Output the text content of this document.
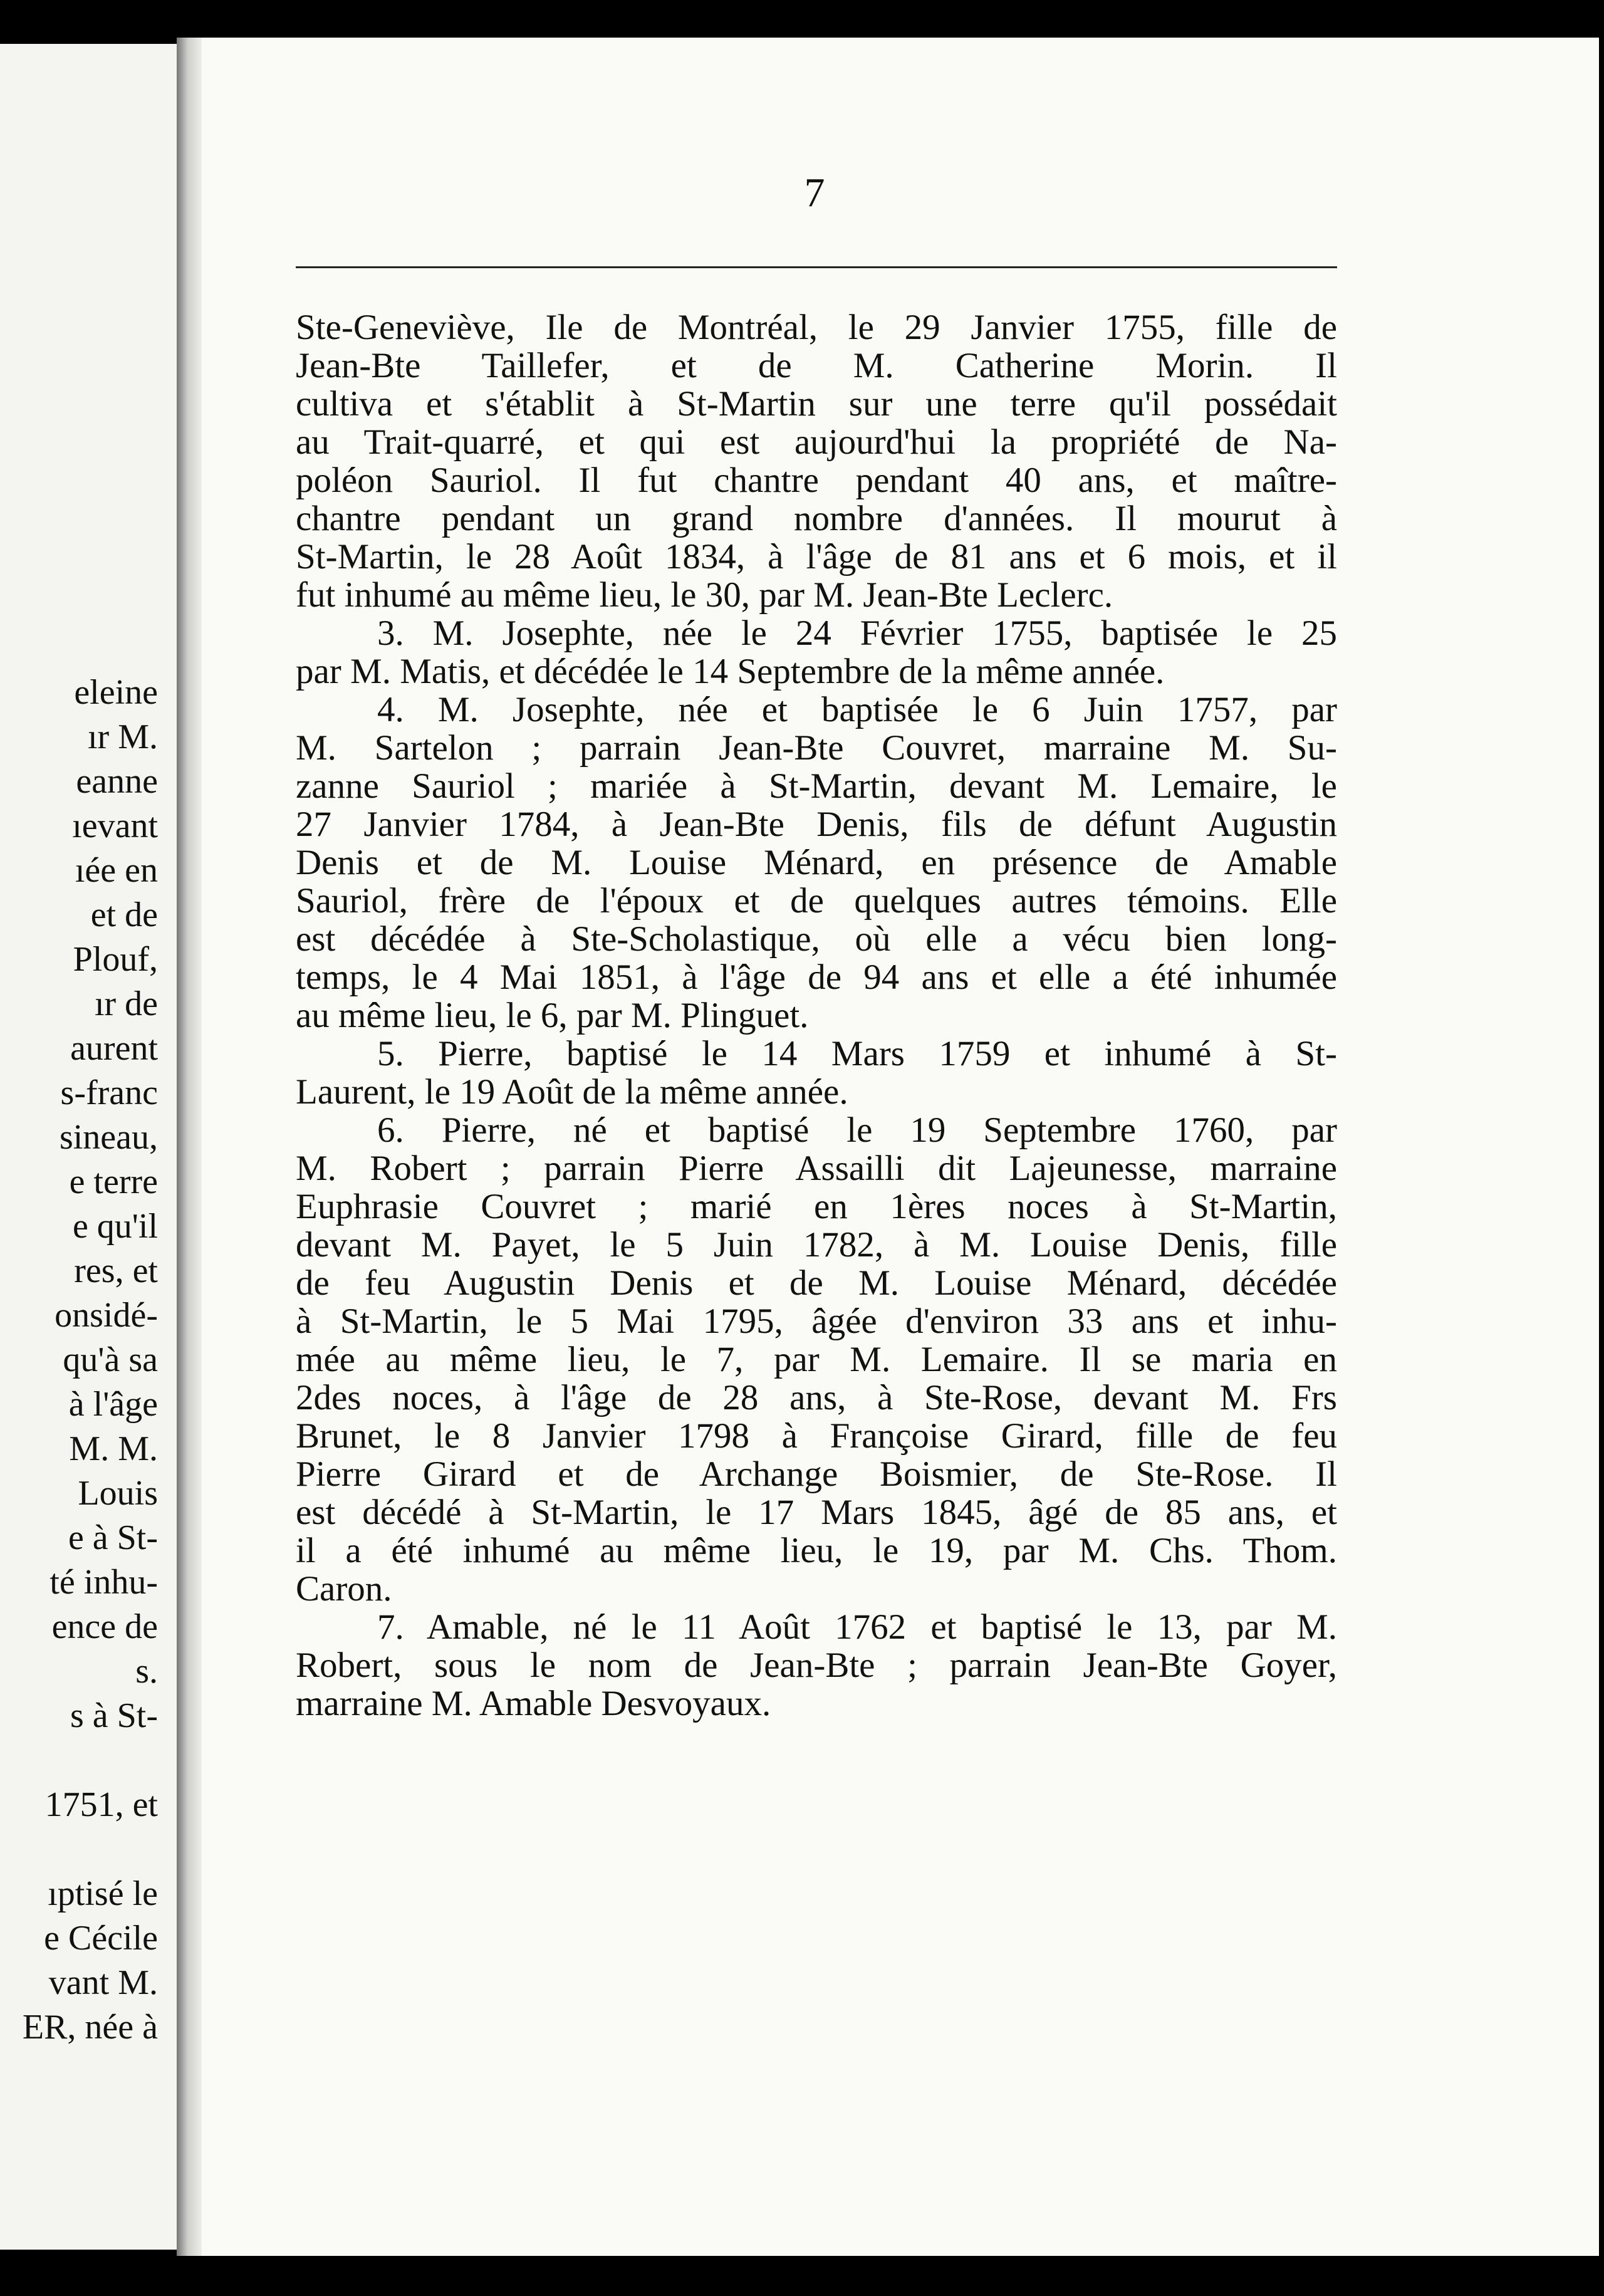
eleine
ır M.
eanne
ıevant
ıée en
et de
Plouf,
ır de
aurent
s-franc
sineau,
e terre
e qu'il
res, et
onsidé-
qu'à sa
à l'âge
M. M.
Louis
e à St-
té inhu-
ence de
s.
s à St-
1751, et
ıptisé le
e Cécile
vant M.
ER, née à
7
Ste-Geneviève, Ile de Montréal, le 29 Janvier 1755, fille de
Jean-Bte Taillefer, et de M. Catherine Morin. Il
cultiva et s'établit à St-Martin sur une terre qu'il possédait
au Trait-quarré, et qui est aujourd'hui la propriété de Na-
poléon Sauriol. Il fut chantre pendant 40 ans, et maître-
chantre pendant un grand nombre d'années. Il mourut à
St-Martin, le 28 Août 1834, à l'âge de 81 ans et 6 mois, et il
fut inhumé au même lieu, le 30, par M. Jean-Bte Leclerc.
3. M. Josephte, née le 24 Février 1755, baptisée le 25
par M. Matis, et décédée le 14 Septembre de la même année.
4. M. Josephte, née et baptisée le 6 Juin 1757, par
M. Sartelon ; parrain Jean-Bte Couvret, marraine M. Su-
zanne Sauriol ; mariée à St-Martin, devant M. Lemaire, le
27 Janvier 1784, à Jean-Bte Denis, fils de défunt Augustin
Denis et de M. Louise Ménard, en présence de Amable
Sauriol, frère de l'époux et de quelques autres témoins. Elle
est décédée à Ste-Scholastique, où elle a vécu bien long-
temps, le 4 Mai 1851, à l'âge de 94 ans et elle a été inhumée
au même lieu, le 6, par M. Plinguet.
5. Pierre, baptisé le 14 Mars 1759 et inhumé à St-
Laurent, le 19 Août de la même année.
6. Pierre, né et baptisé le 19 Septembre 1760, par
M. Robert ; parrain Pierre Assailli dit Lajeunesse, marraine
Euphrasie Couvret ; marié en 1ères noces à St-Martin,
devant M. Payet, le 5 Juin 1782, à M. Louise Denis, fille
de feu Augustin Denis et de M. Louise Ménard, décédée
à St-Martin, le 5 Mai 1795, âgée d'environ 33 ans et inhu-
mée au même lieu, le 7, par M. Lemaire. Il se maria en
2des noces, à l'âge de 28 ans, à Ste-Rose, devant M. Frs
Brunet, le 8 Janvier 1798 à Françoise Girard, fille de feu
Pierre Girard et de Archange Boismier, de Ste-Rose. Il
est décédé à St-Martin, le 17 Mars 1845, âgé de 85 ans, et
il a été inhumé au même lieu, le 19, par M. Chs. Thom.
Caron.
7. Amable, né le 11 Août 1762 et baptisé le 13, par M.
Robert, sous le nom de Jean-Bte ; parrain Jean-Bte Goyer,
marraine M. Amable Desvoyaux.
